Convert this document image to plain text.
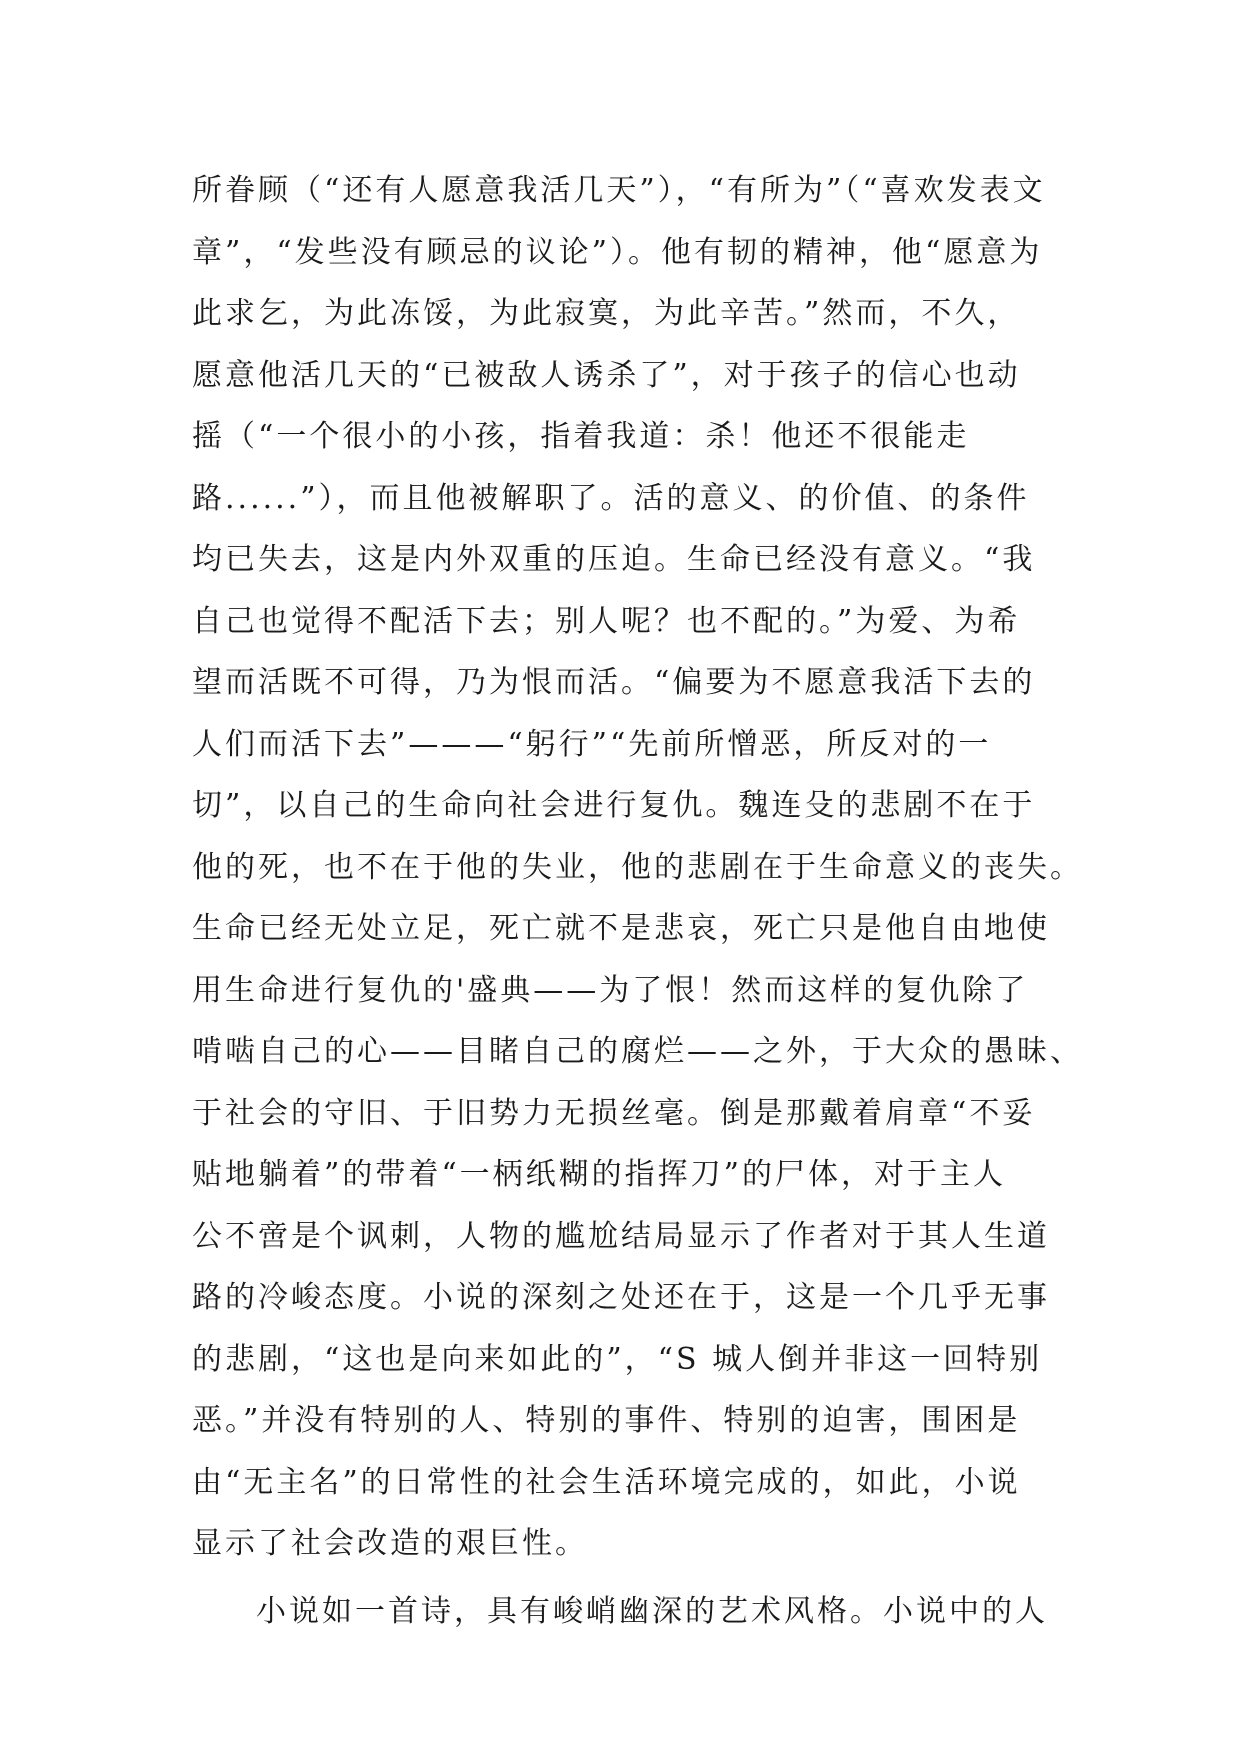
所眷顾（“还有人愿意我活几天”），“有所为”（“喜欢发表文
章”，“发些没有顾忌的议论”）。他有韧的精神，他“愿意为
此求乞，为此冻馁，为此寂寞，为此辛苦。”然而，不久，
愿意他活几天的“已被敌人诱杀了”，对于孩子的信心也动
摇（“一个很小的小孩，指着我道：杀！他还不很能走
路......”），而且他被解职了。活的意义、的价值、的条件
均已失去，这是内外双重的压迫。生命已经没有意义。“我
自己也觉得不配活下去；别人呢？也不配的。”为爱、为希
望而活既不可得，乃为恨而活。“偏要为不愿意我活下去的
人们而活下去”———“躬行”“先前所憎恶，所反对的一
切”，以自己的生命向社会进行复仇。魏连殳的悲剧不在于
他的死，也不在于他的失业，他的悲剧在于生命意义的丧失。
生命已经无处立足，死亡就不是悲哀，死亡只是他自由地使
用生命进行复仇的'盛典——为了恨！然而这样的复仇除了
啃啮自己的心——目睹自己的腐烂——之外，于大众的愚昧、
于社会的守旧、于旧势力无损丝毫。倒是那戴着肩章“不妥
贴地躺着”的带着“一柄纸糊的指挥刀”的尸体，对于主人
公不啻是个讽刺，人物的尴尬结局显示了作者对于其人生道
路的冷峻态度。小说的深刻之处还在于，这是一个几乎无事
的悲剧，“这也是向来如此的”，“S 城人倒并非这一回特别
恶。”并没有特别的人、特别的事件、特别的迫害，围困是
由“无主名”的日常性的社会生活环境完成的，如此，小说
显示了社会改造的艰巨性。
小说如一首诗，具有峻峭幽深的艺术风格。小说中的人
